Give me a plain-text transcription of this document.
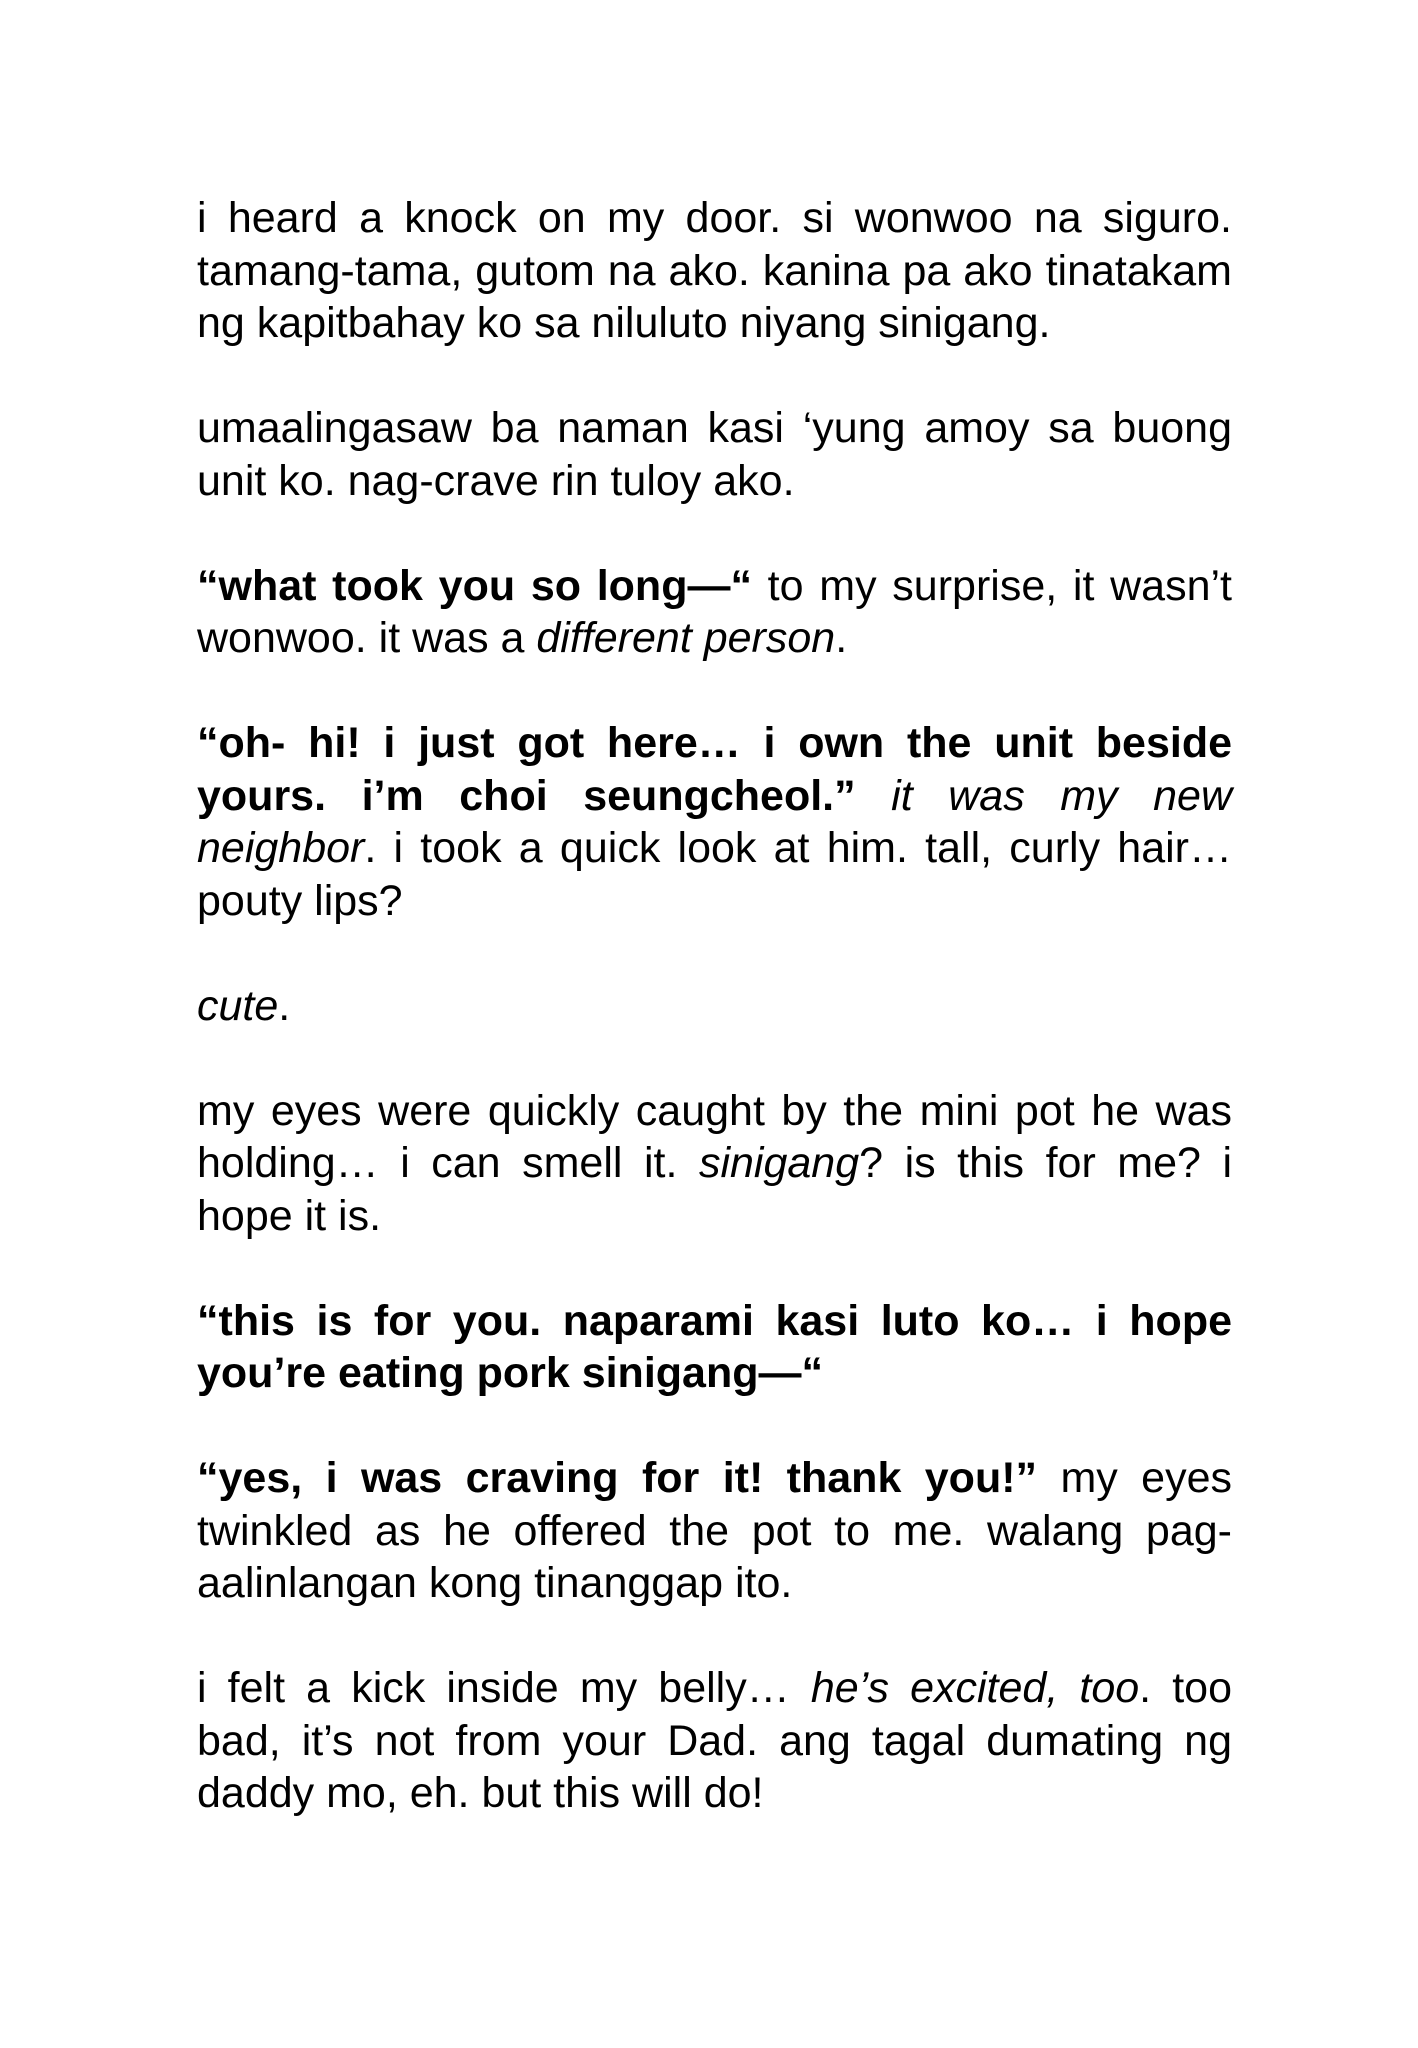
i heard a knock on my door. si wonwoo na siguro. tamang-tama, gutom na ako. kanina pa ako tinatakam ng kapitbahay ko sa niluluto niyang sinigang.

umaalingasaw ba naman kasi ‘yung amoy sa buong unit ko. nag-crave rin tuloy ako.

“what took you so long—“ to my surprise, it wasn’t wonwoo. it was a different person.

“oh- hi! i just got here… i own the unit beside yours. i’m choi seungcheol.” it was my new neighbor. i took a quick look at him. tall, curly hair… pouty lips?

cute.

my eyes were quickly caught by the mini pot he was holding… i can smell it. sinigang? is this for me? i hope it is.

“this is for you. naparami kasi luto ko… i hope you’re eating pork sinigang—“

“yes, i was craving for it! thank you!” my eyes twinkled as he offered the pot to me. walang pag-aalinlangan kong tinanggap ito.

i felt a kick inside my belly… he’s excited, too. too bad, it’s not from your Dad. ang tagal dumating ng daddy mo, eh. but this will do!
